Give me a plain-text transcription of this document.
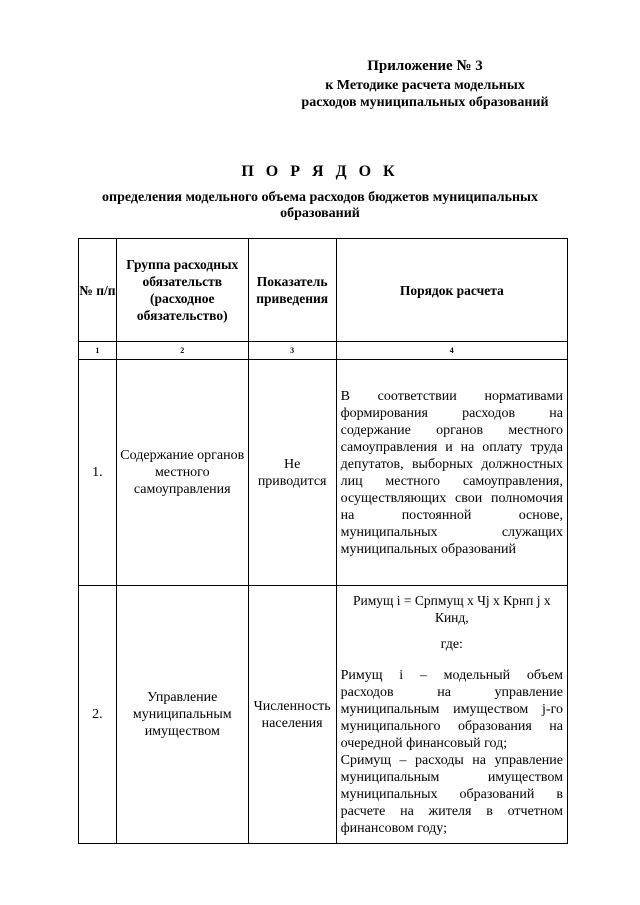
Приложение № 3
к Методике расчета модельных расходов муниципальных образований
П О Р Я Д О К
определения модельного объема расходов бюджетов муниципальных образований
№ п/п	Группа расходных обязательств (расходное обязательство)	Показатель приведения	Порядок расчета
1	2	3	4
1.	Содержание органов местного самоуправления	Не приводится	В соответствии нормативами формирования расходов на содержание органов местного самоуправления и на оплату труда депутатов, выборных должностных лиц местного самоуправления, осуществляющих свои полномочия на постоянной основе, муниципальных служащих муниципальных образований

2.	Управление муниципальным имуществом	Численность населения	Римущ i = Српмущ х Чj х Крнп j х Кинд,
где:

Римущ i – модельный объем расходов на управление муниципальным имуществом j-го муниципального образования на очередной финансовый год;

Сримущ – расходы на управление муниципальным имуществом муниципальных образований в расчете на жителя в отчетном финансовом году;
